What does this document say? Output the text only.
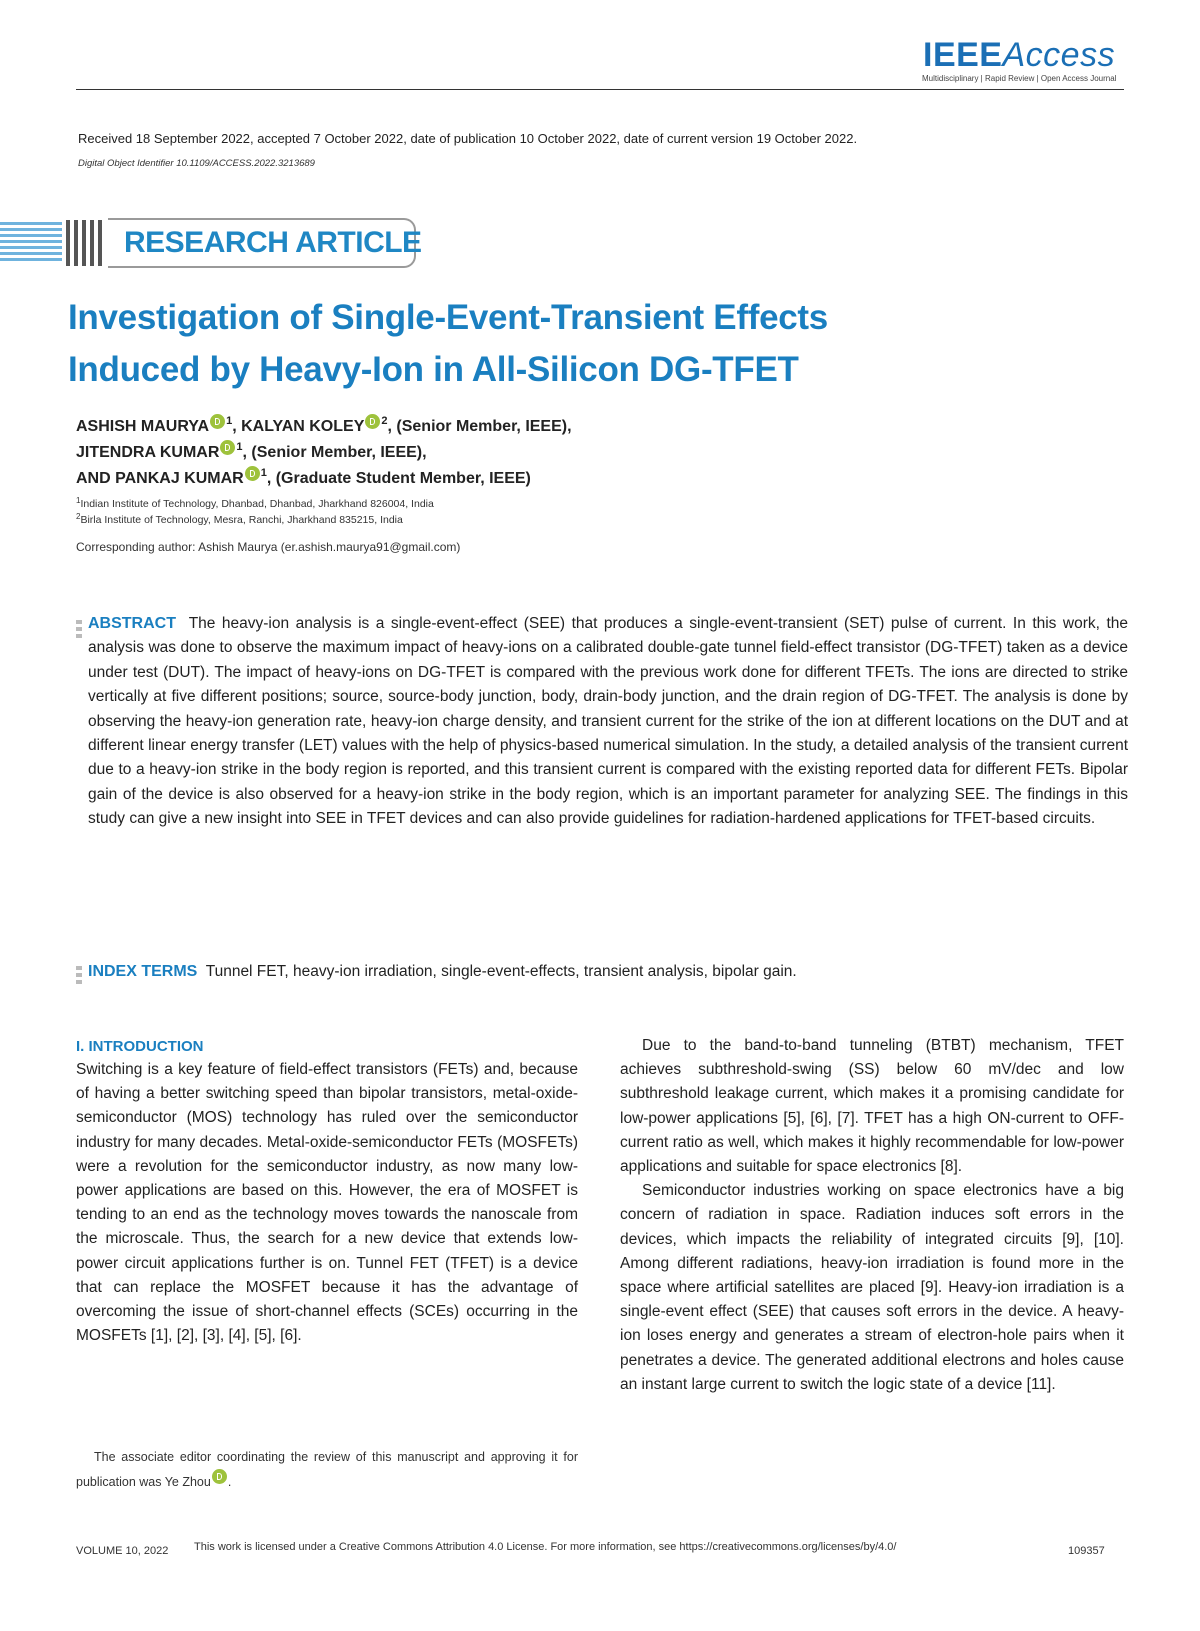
IEEEAccess
Multidisciplinary | Rapid Review | Open Access Journal
Received 18 September 2022, accepted 7 October 2022, date of publication 10 October 2022, date of current version 19 October 2022.
Digital Object Identifier 10.1109/ACCESS.2022.3213689
RESEARCH ARTICLE
Investigation of Single-Event-Transient Effects
Induced by Heavy-Ion in All-Silicon DG-TFET
ASHISH MAURYA $^1$, KALYAN KOLEY $^2$, (Senior Member, IEEE),
JITENDRA KUMAR $^1$, (Senior Member, IEEE),
AND PANKAJ KUMAR $^1$, (Graduate Student Member, IEEE)
$^1$Indian Institute of Technology, Dhanbad, Dhanbad, Jharkhand 826004, India
$^2$Birla Institute of Technology, Mesra, Ranchi, Jharkhand 835215, India
Corresponding author: Ashish Maurya (er.ashish.maurya91@gmail.com)
ABSTRACT The heavy-ion analysis is a single-event-effect (SEE) that produces a single-event-transient (SET) pulse of current. In this work, the analysis was done to observe the maximum impact of heavy-ions on a calibrated double-gate tunnel field-effect transistor (DG-TFET) taken as a device under test (DUT). The impact of heavy-ions on DG-TFET is compared with the previous work done for different TFETs. The ions are directed to strike vertically at five different positions; source, source-body junction, body, drain-body junction, and the drain region of DG-TFET. The analysis is done by observing the heavy-ion generation rate, heavy-ion charge density, and transient current for the strike of the ion at different locations on the DUT and at different linear energy transfer (LET) values with the help of physics-based numerical simulation. In the study, a detailed analysis of the transient current due to a heavy-ion strike in the body region is reported, and this transient current is compared with the existing reported data for different FETs. Bipolar gain of the device is also observed for a heavy-ion strike in the body region, which is an important parameter for analyzing SEE. The findings in this study can give a new insight into SEE in TFET devices and can also provide guidelines for radiation-hardened applications for TFET-based circuits.
INDEX TERMS Tunnel FET, heavy-ion irradiation, single-event-effects, transient analysis, bipolar gain.
I. INTRODUCTION

Switching is a key feature of field-effect transistors (FETs) and, because of having a better switching speed than bipolar transistors, metal-oxide-semiconductor (MOS) technology has ruled over the semiconductor industry for many decades. Metal-oxide-semiconductor FETs (MOSFETs) were a revolution for the semiconductor industry, as now many low-power applications are based on this. However, the era of MOSFET is tending to an end as the technology moves towards the nanoscale from the microscale. Thus, the search for a new device that extends low-power circuit applications further is on. Tunnel FET (TFET) is a device that can replace the MOSFET because it has the advantage of overcoming the issue of short-channel effects (SCEs) occurring in the MOSFETs [1], [2], [3], [4], [5], [6].

Due to the band-to-band tunneling (BTBT) mechanism, TFET achieves subthreshold-swing (SS) below 60 mV/dec and low subthreshold leakage current, which makes it a promising candidate for low-power applications [5], [6], [7]. TFET has a high ON-current to OFF-current ratio as well, which makes it highly recommendable for low-power applications and suitable for space electronics [8].

Semiconductor industries working on space electronics have a big concern of radiation in space. Radiation induces soft errors in the devices, which impacts the reliability of integrated circuits [9], [10]. Among different radiations, heavy-ion irradiation is found more in the space where artificial satellites are placed [9]. Heavy-ion irradiation is a single-event effect (SEE) that causes soft errors in the device. A heavy-ion loses energy and generates a stream of electron-hole pairs when it penetrates a device. The generated additional electrons and holes cause an instant large current to switch the logic state of a device [11].

The associate editor coordinating the review of this manuscript and approving it for publication was Ye Zhou .
VOLUME 10, 2022 This work is licensed under a Creative Commons Attribution 4.0 License. For more information, see https://creativecommons.org/licenses/by/4.0/	109357
